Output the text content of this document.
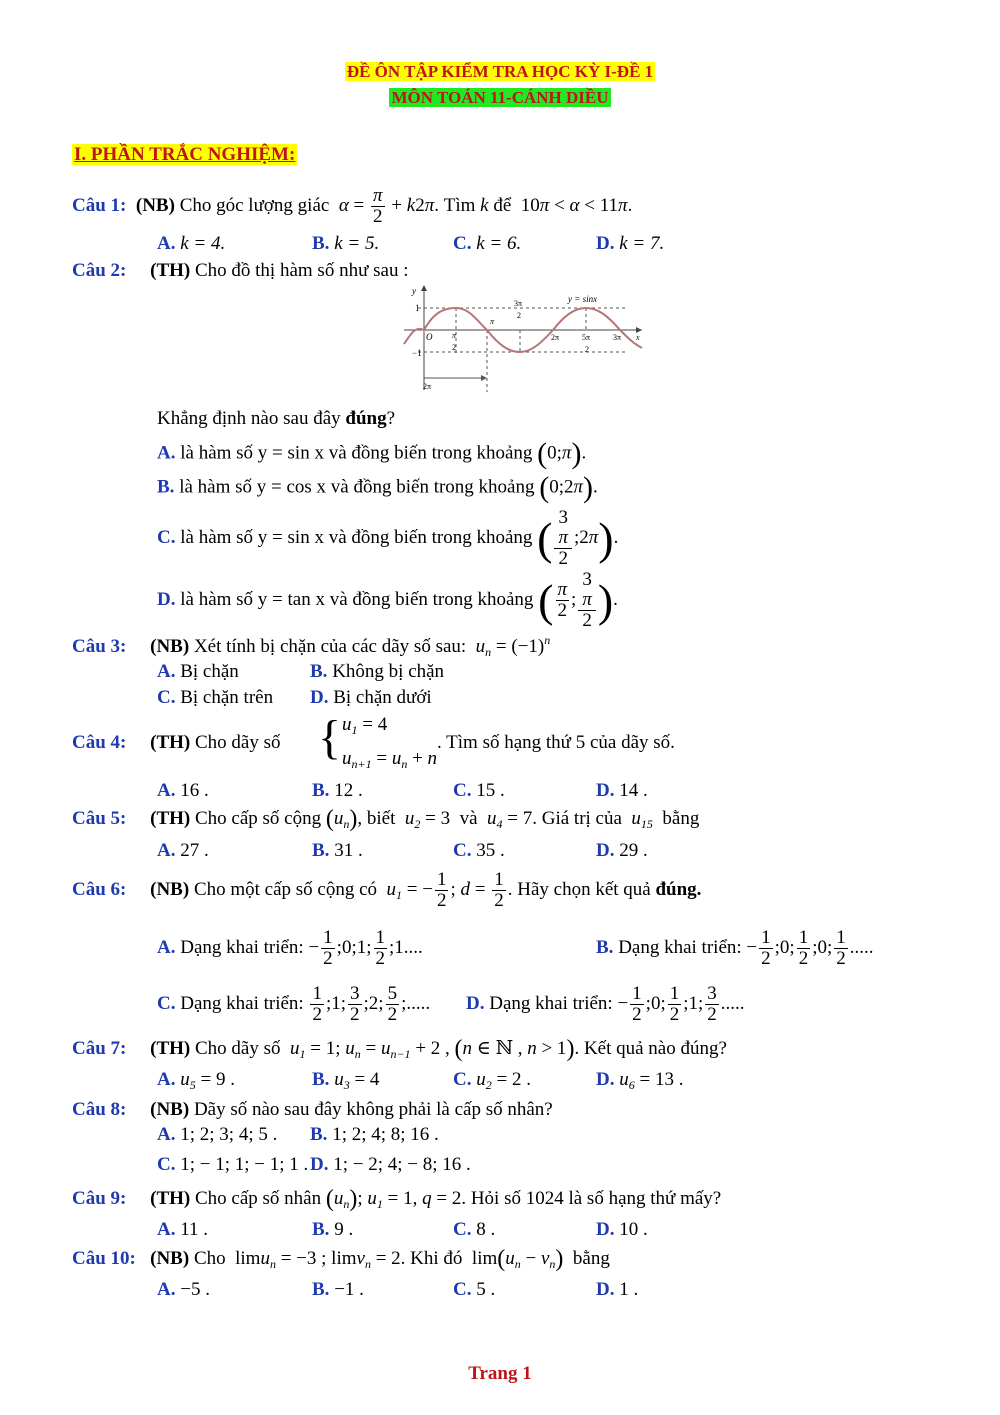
ĐỀ ÔN TẬP KIỂM TRA HỌC KỲ I-ĐỀ 1
MÔN TOÁN 11-CÁNH DIỀU
I. PHẦN TRẮC NGHIỆM:
Câu 1: (NB) Cho góc lượng giác $\alpha = \frac{\pi}{2} + k2\pi$. Tìm k để  10π < α < 11π.
A. k = 4.	B. k = 5.	C. k = 6.	D. k = 7.
Câu 2: (TH) Cho đồ thị hàm số như sau :
y
1
−1
O π
2
π
3π
2
2π	5π
2
3π x
2π
y = sinx
Khẳng định nào sau đây đúng?
A. là hàm số y = sin x và đồng biến trong khoảng (0;π).
B. là hàm số y = cos x và đồng biến trong khoảng (0;2π).
C. là hàm số y = sin x và đồng biến trong khoảng ( 3
π
2 ;2π).
D. là hàm số y = tan x và đồng biến trong khoảng ( $\frac{\pi}{2}$ ; 3
π
2 ).
Câu 3: (NB) Xét tính bị chặn của các dãy số sau: $u_n = (-1)^n$
A. Bị chặn	B. Không bị chặn
C. Bị chặn trên D. Bị chặn dưới
Câu 4: (TH) Cho dãy số { $u_1 = 4$
$u_{n+1} = u_n + n$
. Tìm số hạng thứ 5 của dãy số.
A. 16 .	B. 12 .	C. 15 .	D. 14 .
Câu 5: (TH) Cho cấp số cộng $(u_n)$, biết $u_2 = 3$  và $u_4 = 7$. Giá trị của $u_{15}$ bằng
A. 27 .	B. 31 .	C. 35 .	D. 29 .
Câu 6: (NB) Cho một cấp số cộng có $u_1$ = − $\frac{1}{2}$ ; $d = \frac{1}{2}$ . Hãy chọn kết quả đúng.
A. Dạng khai triển: − $\frac{1}{2}$ ;0;1; $\frac{1}{2}$ ;1....	B. Dạng khai triển: − $\frac{1}{2}$ ;0; $\frac{1}{2}$ ;0; $\frac{1}{2}$ .....
C. Dạng khai triển: $\frac{1}{2}$ ;1; $\frac{3}{2}$ ;2; $\frac{5}{2}$ ;..... D. Dạng khai triển: − $\frac{1}{2}$ ;0; $\frac{1}{2}$ ;1; $\frac{3}{2}$ .....
Câu 7: (TH) Cho dãy số $u_1 = 1$; $u_n = u_{n-1} + 2$ , (n ∈ ℕ , n > 1). Kết quả nào đúng?
A. $u_5 = 9$ .	B. $u_3 = 4$	C. $u_2 = 2$ .	D. $u_6 = 13$ .
Câu 8: (NB) Dãy số nào sau đây không phải là cấp số nhân?
A. 1; 2; 3; 4; 5 . B. 1; 2; 4; 8; 16 .
C. 1; − 1; 1; − 1; 1 . D. 1; − 2; 4; − 8; 16 .
Câu 9: (TH) Cho cấp số nhân $(u_n)$; $u_1 = 1$, q = 2. Hỏi số 1024 là số hạng thứ mấy?
A. 11 .	B. 9 .	C. 8 .	D. 10 .
Câu 10: (NB) Cho  limu$_n$ = −3 ; limv$_n$ = 2. Khi đó  $\lim(u_n - v_n)$ bằng
A. −5 .	B. −1 .	C. 5 .	D. 1 .
Trang 1
